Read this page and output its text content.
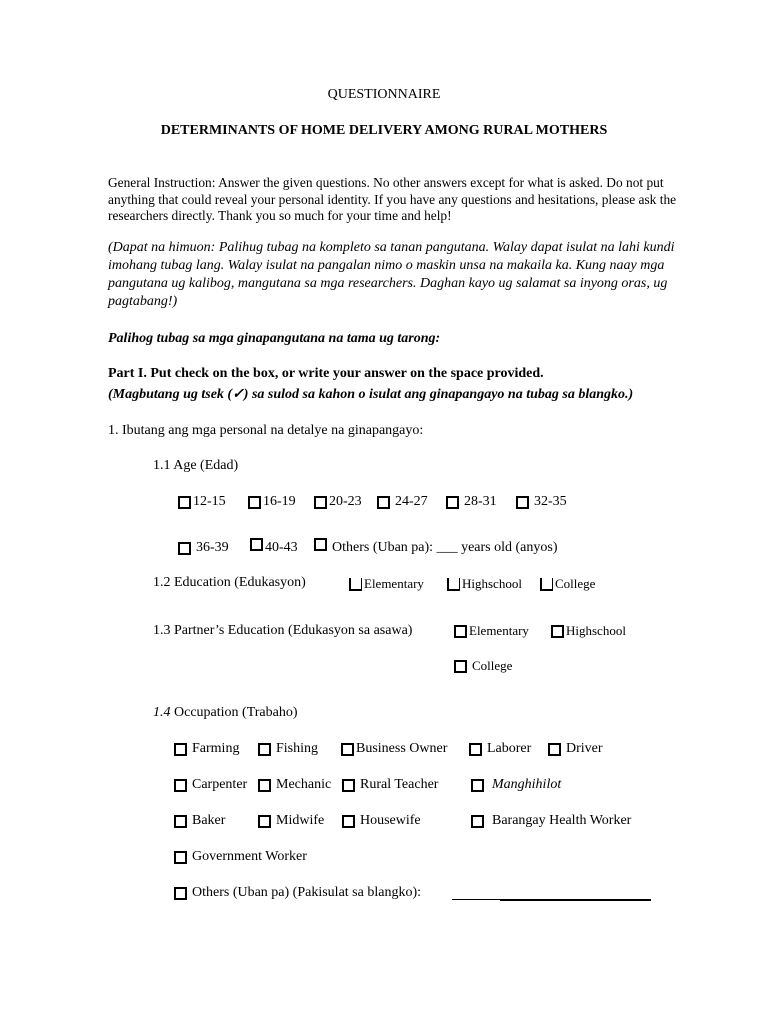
QUESTIONNAIRE
DETERMINANTS OF HOME DELIVERY AMONG RURAL MOTHERS
General Instruction: Answer the given questions. No other answers except for what is asked. Do not put anything that could reveal your personal identity. If you have any questions and hesitations, please ask the researchers directly. Thank you so much for your time and help!
(Dapat na himuon: Palihug tubag na kompleto sa tanan pangutana. Walay dapat isulat na lahi kundi imohang tubag lang. Walay isulat na pangalan nimo o maskin unsa na makaila ka. Kung naay mga pangutana ug kalibog, mangutana sa mga researchers. Daghan kayo ug salamat sa inyong oras, ug pagtabang!)
Palihog tubag sa mga ginapangutana na tama ug tarong:
Part I. Put check on the box, or write your answer on the space provided.
(Magbutang ug tsek (✓) sa sulod sa kahon o isulat ang ginapangayo na tubag sa blangko.)
1. Ibutang ang mga personal na detalye na ginapangayo:
1.1 Age (Edad)
12-15	16-19 20-23 24-27	28-31	32-35
36-39	40-43 Others (Uban pa): ___ years old (anyos)
1.2 Education (Edukasyon)	Elementary	Highschool	College
1.3 Partner’s Education (Edukasyon sa asawa)	Elementary	Highschool
College
1.4 Occupation (Trabaho)
Farming	Fishing	Business Owner	Laborer Driver
Carpenter Mechanic Rural Teacher	Manghihilot
Baker	Midwife	Housewife	Barangay Health Worker
Government Worker
Others (Uban pa) (Pakisulat sa blangko):
